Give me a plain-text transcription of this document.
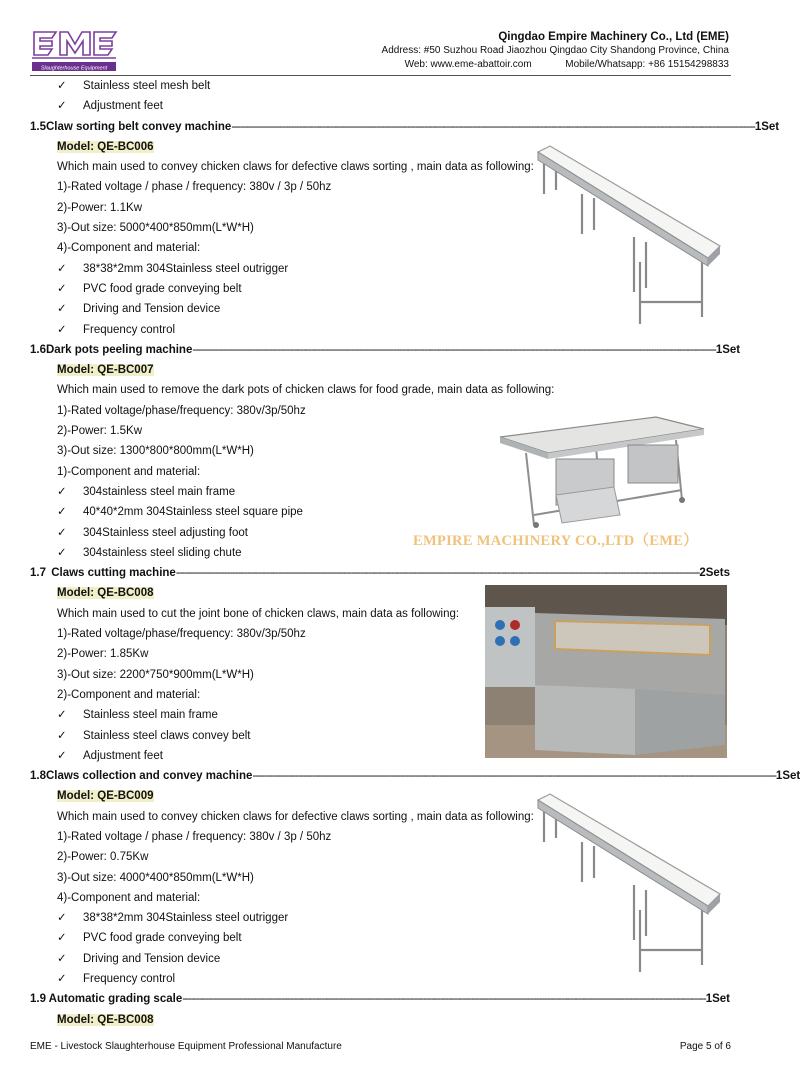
Slaughterhouse Equipment
Qingdao Empire Machinery Co., Ltd (EME)
Address: #50 Suzhou Road Jiaozhou Qingdao City Shandong Province, China
Web: www.eme-abattoir.com	Mobile/Whatsapp: +86 15154298833
✓ Stainless steel mesh belt
✓ Adjustment feet
1.5 Claw sorting belt convey machine ----------------------------------------------------------------------------------------------------------------------------------------------------------------------------------------- 1Set
Model: QE-BC006
Which main used to convey chicken claws for defective claws sorting , main data as following:
1)-Rated voltage / phase / frequency: 380v / 3p / 50hz
2)-Power: 1.1Kw
3)-Out size: 5000*400*850mm(L*W*H)
4)-Component and material:
✓ 38*38*2mm 304Stainless steel outrigger
✓ PVC food grade conveying belt
✓ Driving and Tension device
✓ Frequency control
1.6 Dark pots peeling machine ----------------------------------------------------------------------------------------------------------------------------------------------------------------------------------------- 1Set
Model: QE-BC007
Which main used to remove the dark pots of chicken claws for food grade, main data as following:
1)-Rated voltage/phase/frequency: 380v/3p/50hz
2)-Power: 1.5Kw
3)-Out size: 1300*800*800mm(L*W*H)
1)-Component and material:
✓ 304stainless steel main frame
✓ 40*40*2mm 304Stainless steel square pipe
✓ 304Stainless steel adjusting foot
✓ 304stainless steel sliding chute
1.7 Claws cutting machine ----------------------------------------------------------------------------------------------------------------------------------------------------------------------------------------- 2Sets
Model: QE-BC008
Which main used to cut the joint bone of chicken claws, main data as following:
1)-Rated voltage/phase/frequency: 380v/3p/50hz
2)-Power: 1.85Kw
3)-Out size: 2200*750*900mm(L*W*H)
2)-Component and material:
✓ Stainless steel main frame
✓ Stainless steel claws convey belt
✓ Adjustment feet
1.8 Claws collection and convey machine ----------------------------------------------------------------------------------------------------------------------------------------------------------------------------------------- 1Set
Model: QE-BC009
Which main used to convey chicken claws for defective claws sorting , main data as following:
1)-Rated voltage / phase / frequency: 380v / 3p / 50hz
2)-Power: 0.75Kw
3)-Out size: 4000*400*850mm(L*W*H)
4)-Component and material:
✓ 38*38*2mm 304Stainless steel outrigger
✓ PVC food grade conveying belt
✓ Driving and Tension device
✓ Frequency control
1.9 Automatic grading scale ----------------------------------------------------------------------------------------------------------------------------------------------------------------------------------------- 1Set
Model: QE-BC008
EMPIRE MACHINERY CO.,LTD（EME）
EME - Livestock Slaughterhouse Equipment Professional Manufacture	Page 5 of 6
